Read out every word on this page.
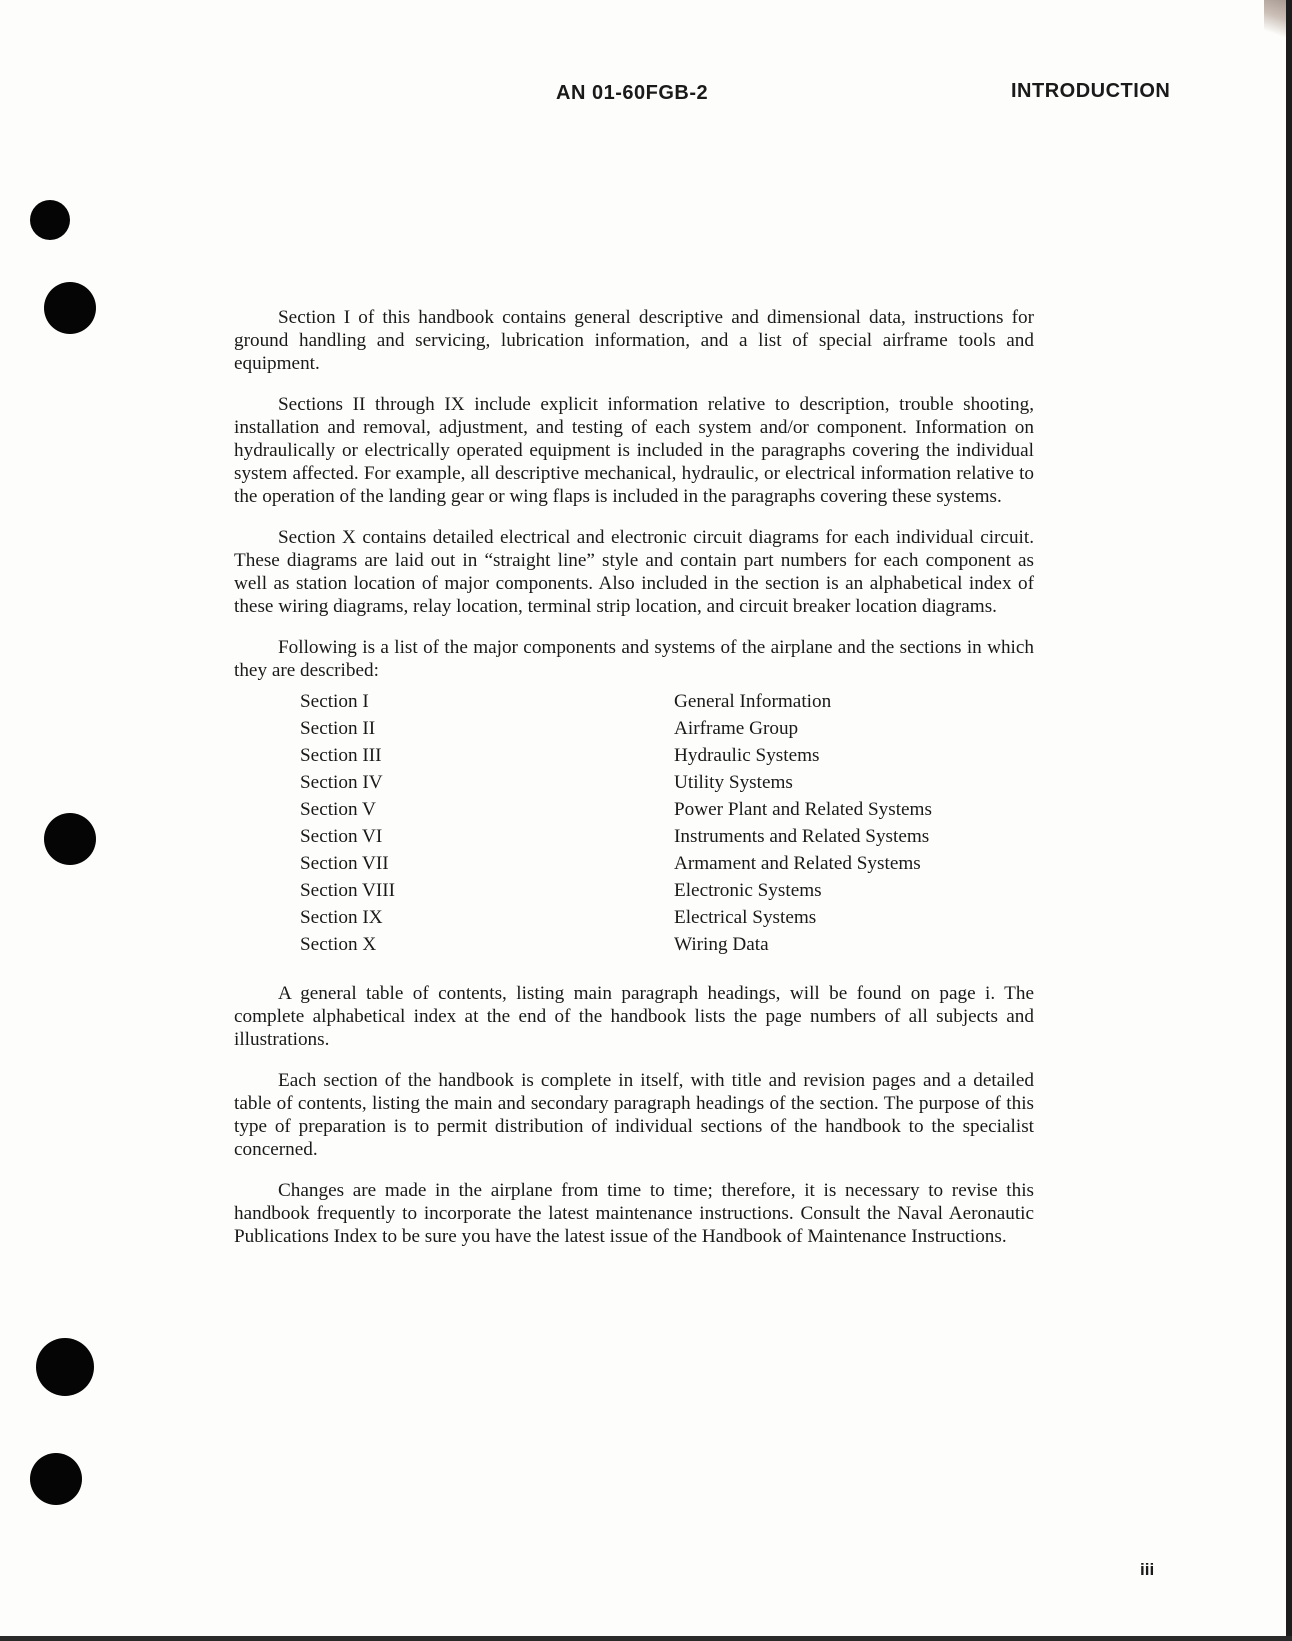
AN 01-60FGB-2	INTRODUCTION

Section I of this handbook contains general descriptive and dimensional data, instructions for ground handling and servicing, lubrication information, and a list of special airframe tools and equipment.

Sections II through IX include explicit information relative to description, trouble shooting, installation and removal, adjustment, and testing of each system and/or component. Information on hydraulically or electrically operated equipment is included in the paragraphs covering the individual system affected. For example, all descriptive mechanical, hydraulic, or electrical information relative to the operation of the landing gear or wing flaps is included in the paragraphs covering these systems.

Section X contains detailed electrical and electronic circuit diagrams for each individual circuit. These diagrams are laid out in “straight line” style and contain part numbers for each component as well as station location of major components. Also included in the section is an alphabetical index of these wiring diagrams, relay location, terminal strip location, and circuit breaker location diagrams.

Following is a list of the major components and systems of the airplane and the sections in which they are described:

Section I	General Information
Section II	Airframe Group
Section III	Hydraulic Systems
Section IV	Utility Systems
Section V	Power Plant and Related Systems
Section VI	Instruments and Related Systems
Section VII	Armament and Related Systems
Section VIII	Electronic Systems
Section IX	Electrical Systems
Section X	Wiring Data

A general table of contents, listing main paragraph headings, will be found on page i. The complete alphabetical index at the end of the handbook lists the page numbers of all subjects and illustrations.

Each section of the handbook is complete in itself, with title and revision pages and a detailed table of contents, listing the main and secondary paragraph headings of the section. The purpose of this type of preparation is to permit distribution of individual sections of the handbook to the specialist concerned.

Changes are made in the airplane from time to time; therefore, it is necessary to revise this handbook frequently to incorporate the latest maintenance instructions. Consult the Naval Aeronautic Publications Index to be sure you have the latest issue of the Handbook of Maintenance Instructions.

iii
